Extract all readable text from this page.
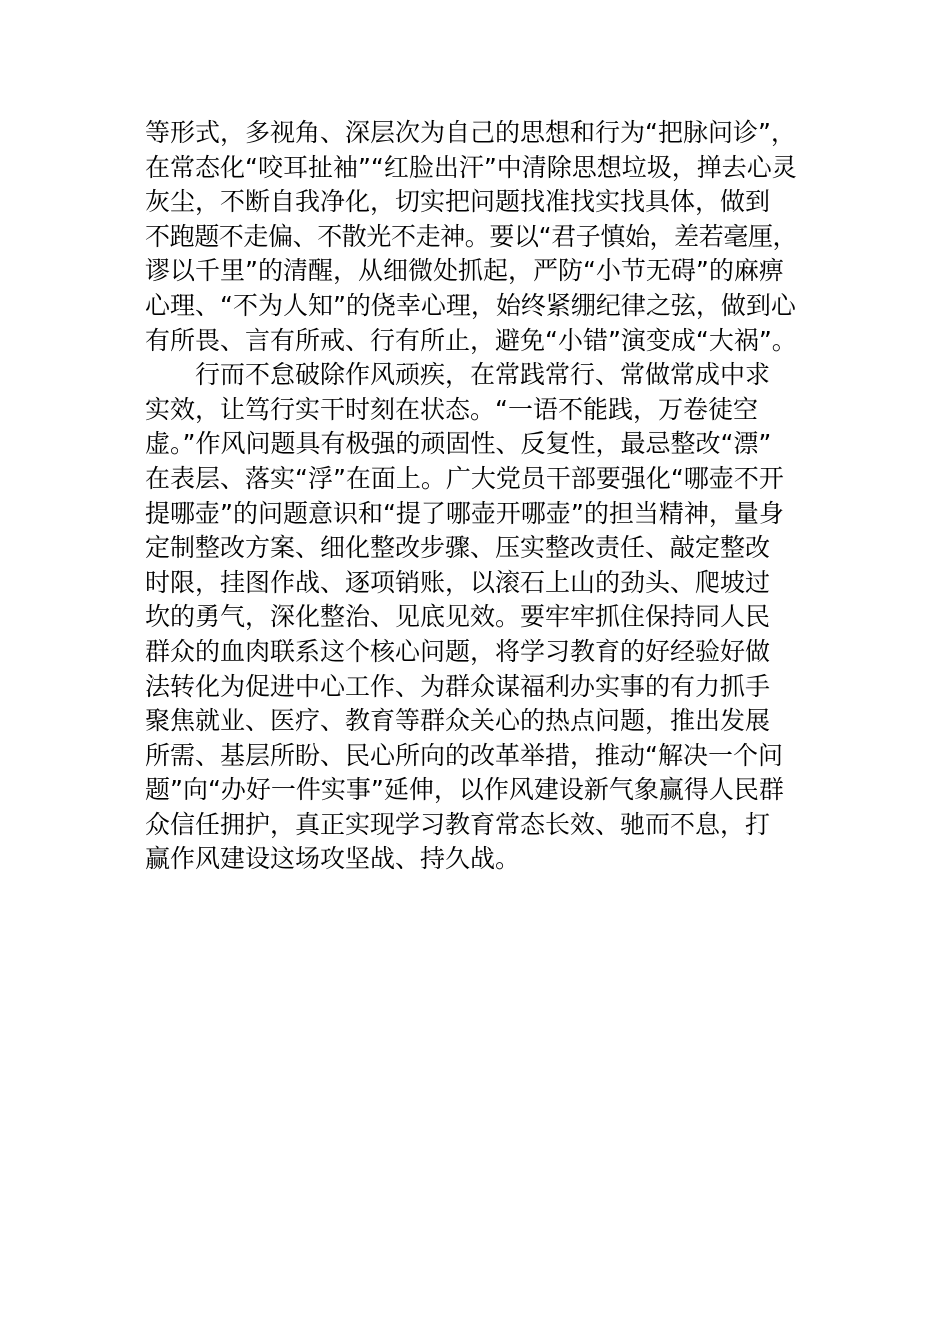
等形式，多视角、深层次为自己的思想和行为“把脉问诊”，
在常态化“咬耳扯袖”“红脸出汗”中清除思想垃圾，掸去心灵
灰尘，不断自我净化，切实把问题找准找实找具体，做到
不跑题不走偏、不散光不走神。要以“君子慎始，差若毫厘，
谬以千里”的清醒，从细微处抓起，严防“小节无碍”的麻痹
心理、“不为人知”的侥幸心理，始终紧绷纪律之弦，做到心
有所畏、言有所戒、行有所止，避免“小错”演变成“大祸”。
　　行而不怠破除作风顽疾，在常践常行、常做常成中求
实效，让笃行实干时刻在状态。“一语不能践，万卷徒空
虚。”作风问题具有极强的顽固性、反复性，最忌整改“漂”
在表层、落实“浮”在面上。广大党员干部要强化“哪壶不开
提哪壶”的问题意识和“提了哪壶开哪壶”的担当精神，量身
定制整改方案、细化整改步骤、压实整改责任、敲定整改
时限，挂图作战、逐项销账，以滚石上山的劲头、爬坡过
坎的勇气，深化整治、见底见效。要牢牢抓住保持同人民
群众的血肉联系这个核心问题，将学习教育的好经验好做
法转化为促进中心工作、为群众谋福利办实事的有力抓手
聚焦就业、医疗、教育等群众关心的热点问题，推出发展
所需、基层所盼、民心所向的改革举措，推动“解决一个问
题”向“办好一件实事”延伸，以作风建设新气象赢得人民群
众信任拥护，真正实现学习教育常态长效、驰而不息，打
赢作风建设这场攻坚战、持久战。
